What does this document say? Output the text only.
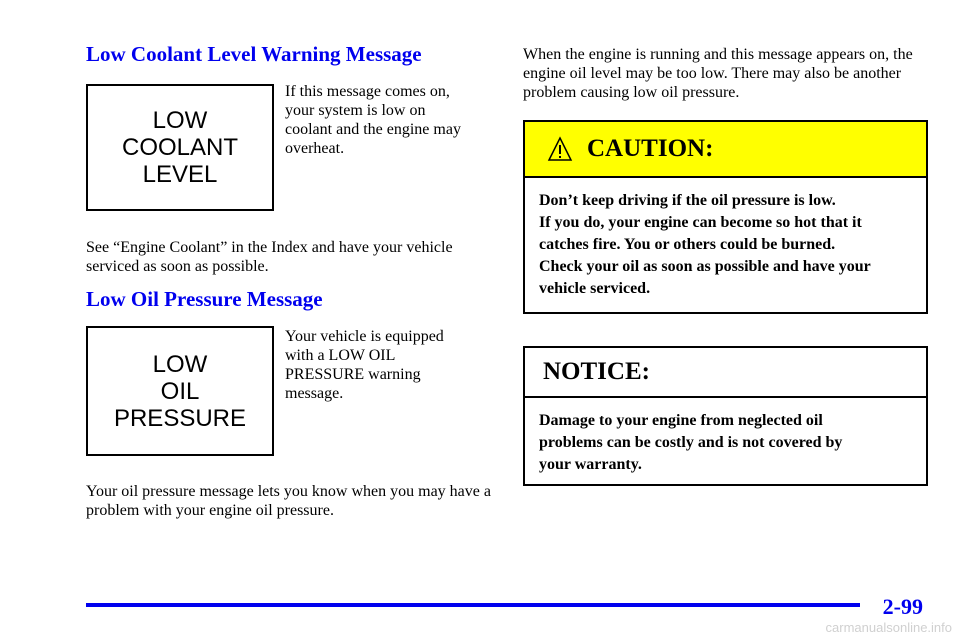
Low Coolant Level Warning Message
LOW
COOLANT
LEVEL

If this message comes on, your system is low on coolant and the engine may overheat.

See “Engine Coolant” in the Index and have your vehicle serviced as soon as possible.

Low Oil Pressure Message
LOW
OIL
PRESSURE

Your vehicle is equipped with a LOW OIL PRESSURE warning message.

Your oil pressure message lets you know when you may have a problem with your engine oil pressure.

When the engine is running and this message appears on, the engine oil level may be too low. There may also be another problem causing low oil pressure.

CAUTION:
Don’t keep driving if the oil pressure is low.
If you do, your engine can become so hot that it
catches fire. You or others could be burned.
Check your oil as soon as possible and have your
vehicle serviced.
NOTICE:
Damage to your engine from neglected oil
problems can be costly and is not covered by
your warranty.
2-99
carmanualsonline.info
